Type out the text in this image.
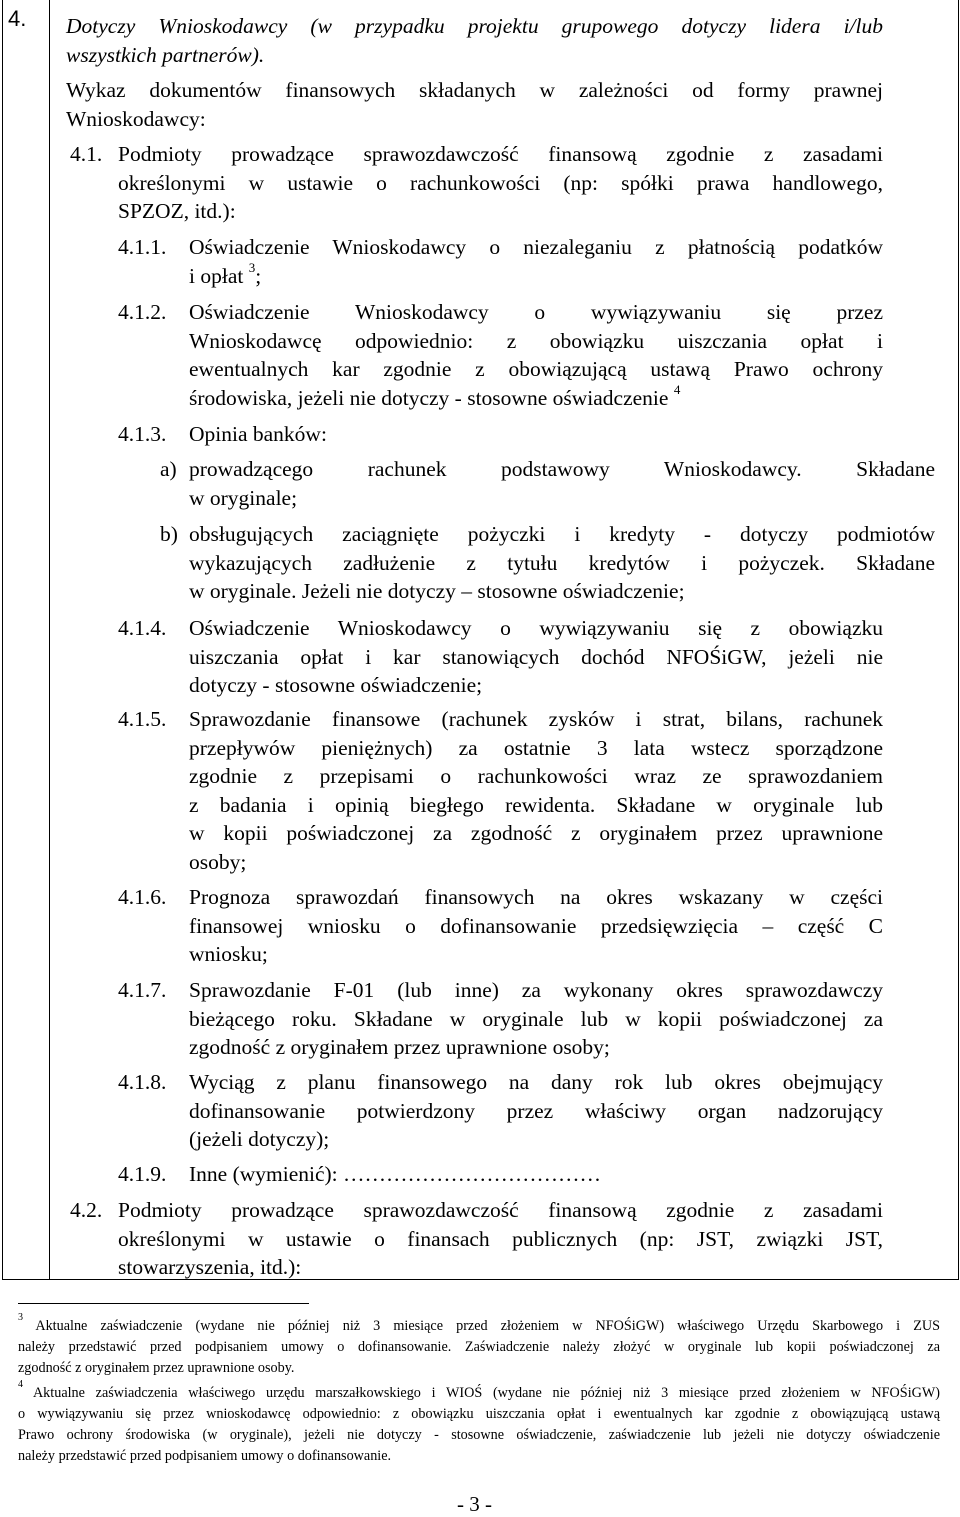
4. Dotyczy Wnioskodawcy (w przypadku projektu grupowego dotyczy lidera i/lub
wszystkich partnerów).
Wykaz dokumentów finansowych składanych w zależności od formy prawnej
Wnioskodawcy:
4.1. Podmioty prowadzące sprawozdawczość finansową zgodnie z zasadami
określonymi w ustawie o rachunkowości (np: spółki prawa handlowego,
SPZOZ, itd.):
4.1.1. Oświadczenie Wnioskodawcy o niezaleganiu z płatnością podatków
i opłat $^3$;
4.1.2. Oświadczenie Wnioskodawcy o wywiązywaniu się przez
Wnioskodawcę odpowiednio: z obowiązku uiszczania opłat i
ewentualnych kar zgodnie z obowiązującą ustawą Prawo ochrony
środowiska, jeżeli nie dotyczy - stosowne oświadczenie $^4$
4.1.3. Opinia banków:
a) prowadzącego rachunek podstawowy Wnioskodawcy. Składane
w oryginale;
b) obsługujących zaciągnięte pożyczki i kredyty - dotyczy podmiotów
wykazujących zadłużenie z tytułu kredytów i pożyczek. Składane
w oryginale. Jeżeli nie dotyczy – stosowne oświadczenie;
4.1.4. Oświadczenie Wnioskodawcy o wywiązywaniu się z obowiązku
uiszczania opłat i kar stanowiących dochód NFOŚiGW, jeżeli nie
dotyczy - stosowne oświadczenie;
4.1.5. Sprawozdanie finansowe (rachunek zysków i strat, bilans, rachunek
przepływów pieniężnych) za ostatnie 3 lata wstecz sporządzone
zgodnie z przepisami o rachunkowości wraz ze sprawozdaniem
z badania i opinią biegłego rewidenta. Składane w oryginale lub
w kopii poświadczonej za zgodność z oryginałem przez uprawnione
osoby;
4.1.6. Prognoza sprawozdań finansowych na okres wskazany w części
finansowej wniosku o dofinansowanie przedsięwzięcia – część C
wniosku;
4.1.7. Sprawozdanie F-01 (lub inne) za wykonany okres sprawozdawczy
bieżącego roku. Składane w oryginale lub w kopii poświadczonej za
zgodność z oryginałem przez uprawnione osoby;
4.1.8. Wyciąg z planu finansowego na dany rok lub okres obejmujący
dofinansowanie potwierdzony przez właściwy organ nadzorujący
(jeżeli dotyczy);
4.1.9. Inne (wymienić): ………………………………
4.2. Podmioty prowadzące sprawozdawczość finansową zgodnie z zasadami
określonymi w ustawie o finansach publicznych (np: JST, związki JST,
stowarzyszenia, itd.):
$^3$ Aktualne zaświadczenie (wydane nie później niż 3 miesiące przed złożeniem w NFOŚiGW) właściwego Urzędu Skarbowego i ZUS
należy przedstawić przed podpisaniem umowy o dofinansowanie. Zaświadczenie należy złożyć w oryginale lub kopii poświadczonej za
zgodność z oryginałem przez uprawnione osoby.
$^4$ Aktualne zaświadczenia właściwego urzędu marszałkowskiego i WIOŚ (wydane nie później niż 3 miesiące przed złożeniem w NFOŚiGW)
o wywiązywaniu się przez wnioskodawcę odpowiednio: z obowiązku uiszczania opłat i ewentualnych kar zgodnie z obowiązującą ustawą
Prawo ochrony środowiska (w oryginale), jeżeli nie dotyczy - stosowne oświadczenie, zaświadczenie lub jeżeli nie dotyczy oświadczenie
należy przedstawić przed podpisaniem umowy o dofinansowanie.
- 3 -
